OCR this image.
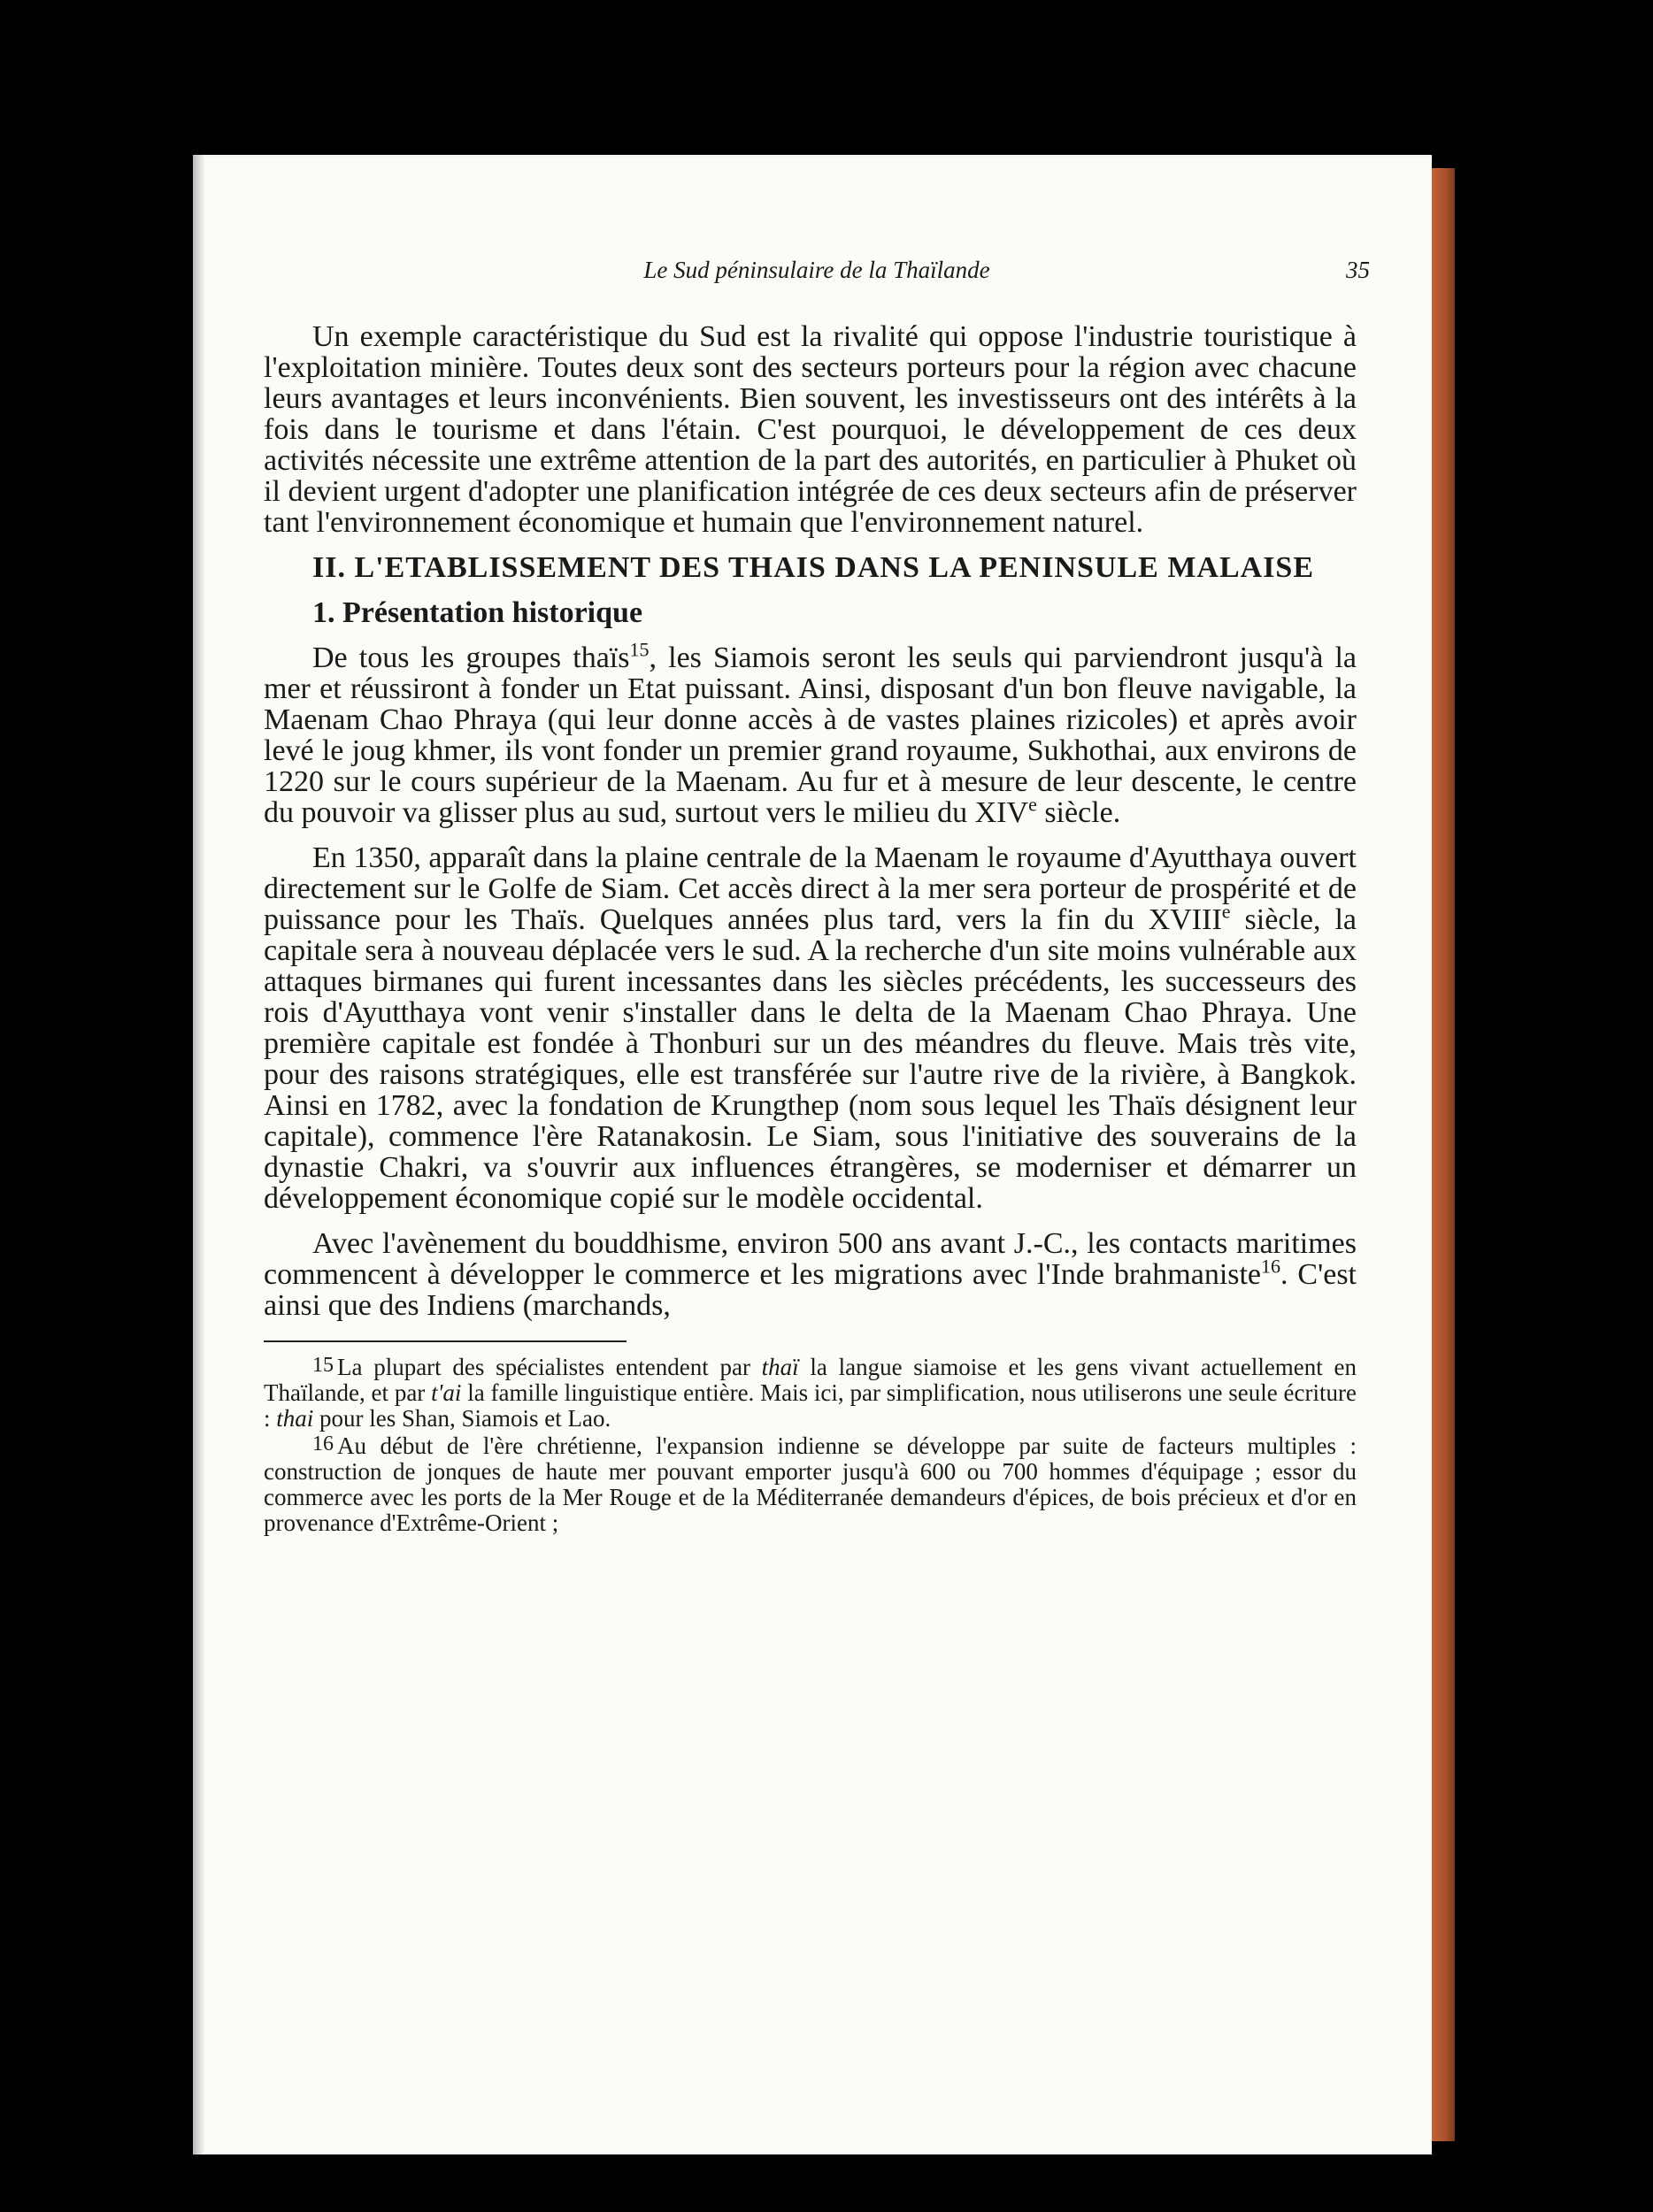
Le Sud péninsulaire de la Thaïlande	35

Un exemple caractéristique du Sud est la rivalité qui oppose l'industrie touristique à l'exploitation minière. Toutes deux sont des secteurs porteurs pour la région avec chacune leurs avantages et leurs inconvénients. Bien souvent, les investisseurs ont des intérêts à la fois dans le tourisme et dans l'étain. C'est pourquoi, le développement de ces deux activités nécessite une extrême attention de la part des autorités, en particulier à Phuket où il devient urgent d'adopter une planification intégrée de ces deux secteurs afin de préserver tant l'environnement économique et humain que l'environnement naturel.

II. L'ETABLISSEMENT DES THAIS DANS LA PENINSULE MALAISE

1. Présentation historique

De tous les groupes thaïs$^{15}$, les Siamois seront les seuls qui parviendront jusqu'à la mer et réussiront à fonder un Etat puissant. Ainsi, disposant d'un bon fleuve navigable, la Maenam Chao Phraya (qui leur donne accès à de vastes plaines rizicoles) et après avoir levé le joug khmer, ils vont fonder un premier grand royaume, Sukhothai, aux environs de 1220 sur le cours supérieur de la Maenam. Au fur et à mesure de leur descente, le centre du pouvoir va glisser plus au sud, surtout vers le milieu du XIVe siècle.

En 1350, apparaît dans la plaine centrale de la Maenam le royaume d'Ayutthaya ouvert directement sur le Golfe de Siam. Cet accès direct à la mer sera porteur de prospérité et de puissance pour les Thaïs. Quelques années plus tard, vers la fin du XVIIIe siècle, la capitale sera à nouveau déplacée vers le sud. A la recherche d'un site moins vulnérable aux attaques birmanes qui furent incessantes dans les siècles précédents, les successeurs des rois d'Ayutthaya vont venir s'installer dans le delta de la Maenam Chao Phraya. Une première capitale est fondée à Thonburi sur un des méandres du fleuve. Mais très vite, pour des raisons stratégiques, elle est transférée sur l'autre rive de la rivière, à Bangkok. Ainsi en 1782, avec la fondation de Krungthep (nom sous lequel les Thaïs désignent leur capitale), commence l'ère Ratanakosin. Le Siam, sous l'initiative des souverains de la dynastie Chakri, va s'ouvrir aux influences étrangères, se moderniser et démarrer un développement économique copié sur le modèle occidental.

Avec l'avènement du bouddhisme, environ 500 ans avant J.-C., les contacts maritimes commencent à développer le commerce et les migrations avec l'Inde brahmaniste$^{16}$. C'est ainsi que des Indiens (marchands,

15 La plupart des spécialistes entendent par thaï la langue siamoise et les gens vivant actuellement en Thaïlande, et par t'ai la famille linguistique entière. Mais ici, par simplification, nous utiliserons une seule écriture : thai pour les Shan, Siamois et Lao.

16 Au début de l'ère chrétienne, l'expansion indienne se développe par suite de facteurs multiples : construction de jonques de haute mer pouvant emporter jusqu'à 600 ou 700 hommes d'équipage ; essor du commerce avec les ports de la Mer Rouge et de la Méditerranée demandeurs d'épices, de bois précieux et d'or en provenance d'Extrême-Orient ;
